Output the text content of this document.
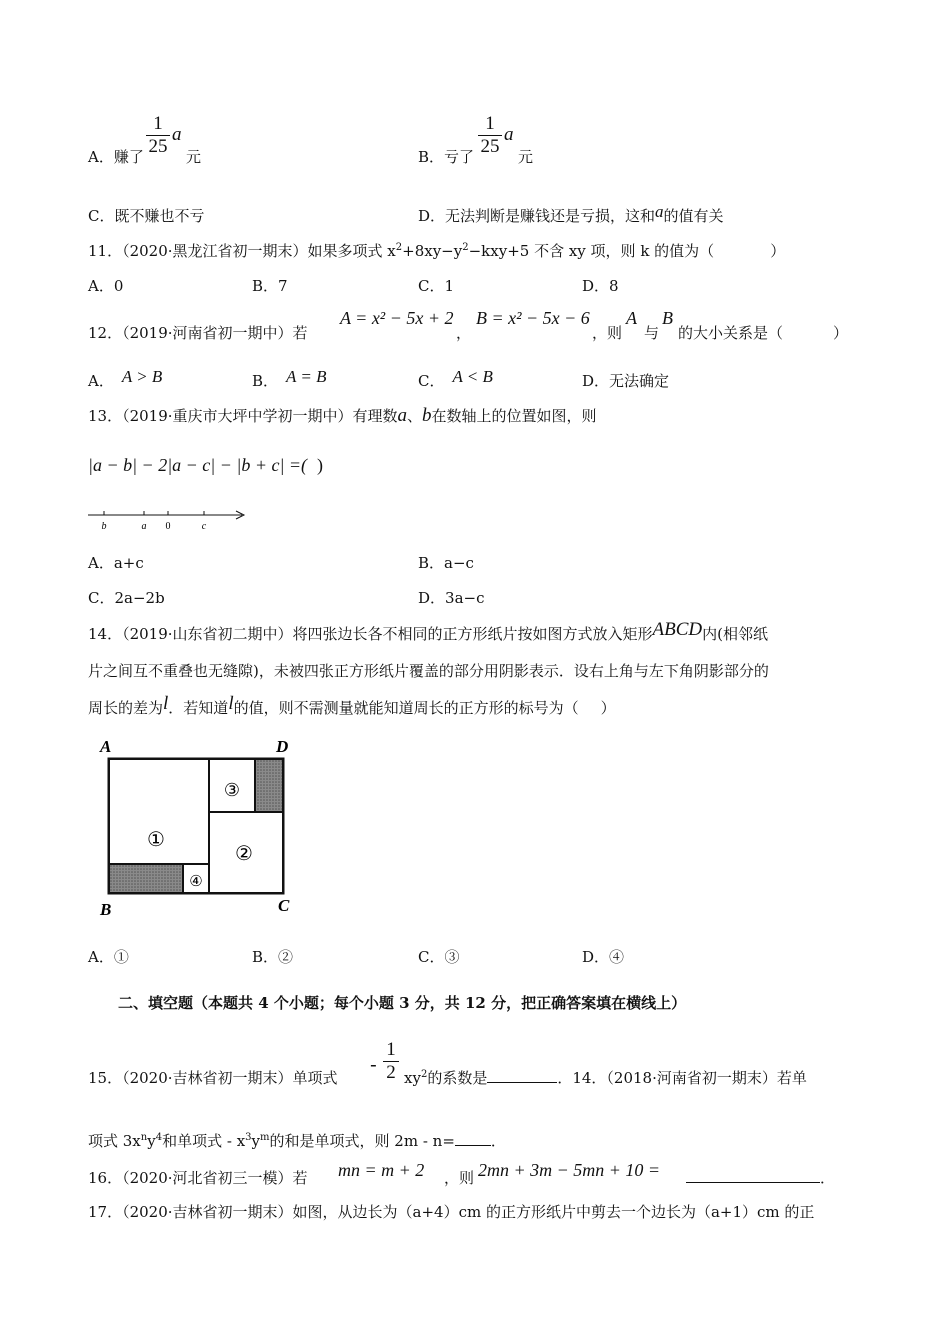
A．赚了
1
25
a
元	B．亏了
1
25
a
元
C．既不赚也不亏	D．无法判断是赚钱还是亏损，这和a的值有关
11．（2020·黑龙江省初一期末）如果多项式 $x^2+8xy-y^2-kxy+5$ 不含 xy 项，则 k 的值为（	）
A．0	B．7	C．1	D．8
12．（2019·河南省初一期中）若
A = x² − 5x + 2
，
B = x² − 5x − 6
，则
A
与
B
的大小关系是（	）
A． A > B	B． A = B	C． A < B	D．无法确定
13．（2019·重庆市大坪中学初一期中）有理数a、b在数轴上的位置如图，则
|a − b| − 2|a − c| − |b + c| =( )
b	a 0	c
A．a+c	B．a−c
C．2a−2b	D．3a−c
14．（2019·山东省初二期中）将四张边长各不相同的正方形纸片按如图方式放入矩形ABCD内(相邻纸
片之间互不重叠也无缝隙)，未被四张正方形纸片覆盖的部分用阴影表示．设右上角与左下角阴影部分的
周长的差为l．若知道l的值，则不需测量就能知道周长的正方形的标号为（ ）
①
②
③
④
A	D
B	C
A．①	B．②	C．③	D．④
二、填空题（本题共 4 个小题；每个小题 3 分，共 12 分，把正确答案填在横线上）
15．（2020·吉林省初一期末）单项式
-
1
2 $xy^2$的系数是	．14．（2018·河南省初一期末）若单
项式 $3x^ny^4$和单项式 - $x^3y^m$的和是单项式，则 2m - n= ．
16．（2020·河北省初三一模）若 mn = m + 2 ，则 2mn + 3m − 5mn + 10 =	．
17．（2020·吉林省初一期末）如图，从边长为（a+4）cm 的正方形纸片中剪去一个边长为（a+1）cm 的正
